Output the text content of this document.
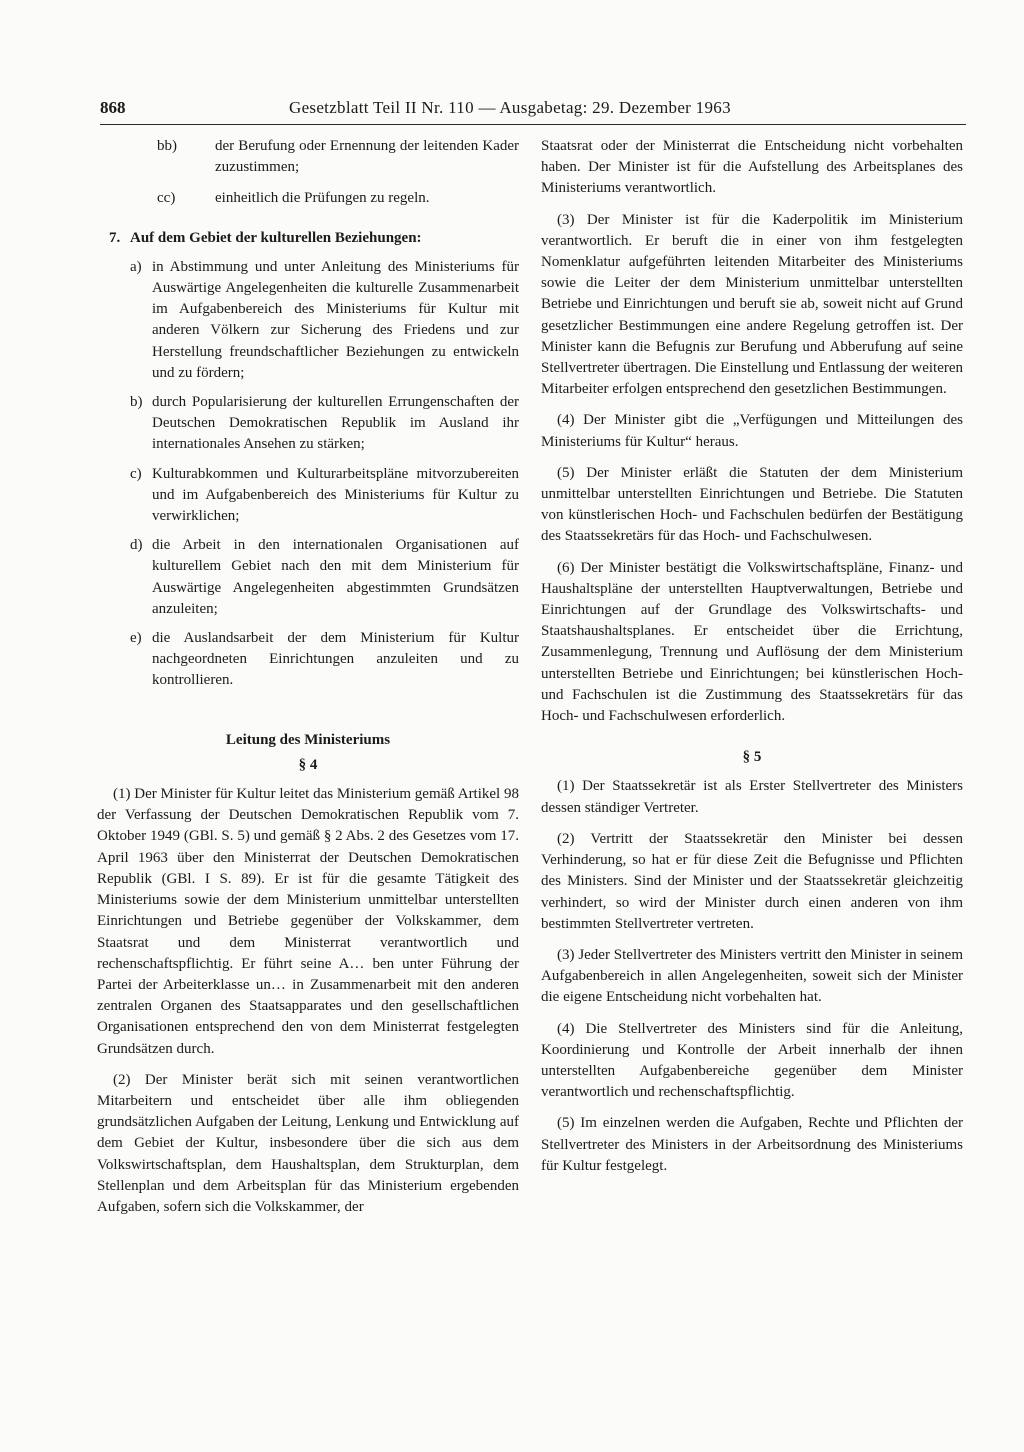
868	Gesetzblatt Teil II Nr. 110 — Ausgabetag: 29. Dezember 1963
bb)	der Berufung oder Ernennung der leitenden Kader zuzustimmen;
cc)	einheitlich die Prüfungen zu regeln.
7. Auf dem Gebiet der kulturellen Beziehungen:
a) in Abstimmung und unter Anleitung des Ministeriums für Auswärtige Angelegenheiten die kulturelle Zusammenarbeit im Aufgabenbereich des Ministeriums für Kultur mit anderen Völkern zur Sicherung des Friedens und zur Herstellung freundschaftlicher Beziehungen zu entwickeln und zu fördern;
b) durch Popularisierung der kulturellen Errungenschaften der Deutschen Demokratischen Republik im Ausland ihr internationales Ansehen zu stärken;
c) Kulturabkommen und Kulturarbeitspläne mitvorzubereiten und im Aufgabenbereich des Ministeriums für Kultur zu verwirklichen;
d) die Arbeit in den internationalen Organisationen auf kulturellem Gebiet nach den mit dem Ministerium für Auswärtige Angelegenheiten abgestimmten Grundsätzen anzuleiten;
e) die Auslandsarbeit der dem Ministerium für Kultur nachgeordneten Einrichtungen anzuleiten und zu kontrollieren.
Leitung des Ministeriums
§ 4

(1) Der Minister für Kultur leitet das Ministerium gemäß Artikel 98 der Verfassung der Deutschen Demokratischen Republik vom 7. Oktober 1949 (GBl. S. 5) und gemäß § 2 Abs. 2 des Gesetzes vom 17. April 1963 über den Ministerrat der Deutschen Demokratischen Republik (GBl. I S. 89). Er ist für die gesamte Tätigkeit des Ministeriums sowie der dem Ministerium unmittelbar unterstellten Einrichtungen und Betriebe gegenüber der Volkskammer, dem Staatsrat und dem Ministerrat verantwortlich und rechenschaftspflichtig. Er führt seine A… ben unter Führung der Partei der Arbeiterklasse un… in Zusammenarbeit mit den anderen zentralen Organen des Staatsapparates und den gesellschaftlichen Organisationen entsprechend den von dem Ministerrat festgelegten Grundsätzen durch.

(2) Der Minister berät sich mit seinen verantwortlichen Mitarbeitern und entscheidet über alle ihm obliegenden grundsätzlichen Aufgaben der Leitung, Lenkung und Entwicklung auf dem Gebiet der Kultur, insbesondere über die sich aus dem Volkswirtschaftsplan, dem Haushaltsplan, dem Strukturplan, dem Stellenplan und dem Arbeitsplan für das Ministerium ergebenden Aufgaben, sofern sich die Volkskammer, der

Staatsrat oder der Ministerrat die Entscheidung nicht vorbehalten haben. Der Minister ist für die Aufstellung des Arbeitsplanes des Ministeriums verantwortlich.

(3) Der Minister ist für die Kaderpolitik im Ministerium verantwortlich. Er beruft die in einer von ihm festgelegten Nomenklatur aufgeführten leitenden Mitarbeiter des Ministeriums sowie die Leiter der dem Ministerium unmittelbar unterstellten Betriebe und Einrichtungen und beruft sie ab, soweit nicht auf Grund gesetzlicher Bestimmungen eine andere Regelung getroffen ist. Der Minister kann die Befugnis zur Berufung und Abberufung auf seine Stellvertreter übertragen. Die Einstellung und Entlassung der weiteren Mitarbeiter erfolgen entsprechend den gesetzlichen Bestimmungen.

(4) Der Minister gibt die „Verfügungen und Mitteilungen des Ministeriums für Kultur“ heraus.

(5) Der Minister erläßt die Statuten der dem Ministerium unmittelbar unterstellten Einrichtungen und Betriebe. Die Statuten von künstlerischen Hoch- und Fachschulen bedürfen der Bestätigung des Staatssekretärs für das Hoch- und Fachschulwesen.

(6) Der Minister bestätigt die Volkswirtschaftspläne, Finanz- und Haushaltspläne der unterstellten Hauptverwaltungen, Betriebe und Einrichtungen auf der Grundlage des Volkswirtschafts- und Staatshaushaltsplanes. Er entscheidet über die Errichtung, Zusammenlegung, Trennung und Auflösung der dem Ministerium unterstellten Betriebe und Einrichtungen; bei künstlerischen Hoch- und Fachschulen ist die Zustimmung des Staatssekretärs für das Hoch- und Fachschulwesen erforderlich.

§ 5

(1) Der Staatssekretär ist als Erster Stellvertreter des Ministers dessen ständiger Vertreter.

(2) Vertritt der Staatssekretär den Minister bei dessen Verhinderung, so hat er für diese Zeit die Befugnisse und Pflichten des Ministers. Sind der Minister und der Staatssekretär gleichzeitig verhindert, so wird der Minister durch einen anderen von ihm bestimmten Stellvertreter vertreten.

(3) Jeder Stellvertreter des Ministers vertritt den Minister in seinem Aufgabenbereich in allen Angelegenheiten, soweit sich der Minister die eigene Entscheidung nicht vorbehalten hat.

(4) Die Stellvertreter des Ministers sind für die Anleitung, Koordinierung und Kontrolle der Arbeit innerhalb der ihnen unterstellten Aufgabenbereiche gegenüber dem Minister verantwortlich und rechenschaftspflichtig.

(5) Im einzelnen werden die Aufgaben, Rechte und Pflichten der Stellvertreter des Ministers in der Arbeitsordnung des Ministeriums für Kultur festgelegt.
